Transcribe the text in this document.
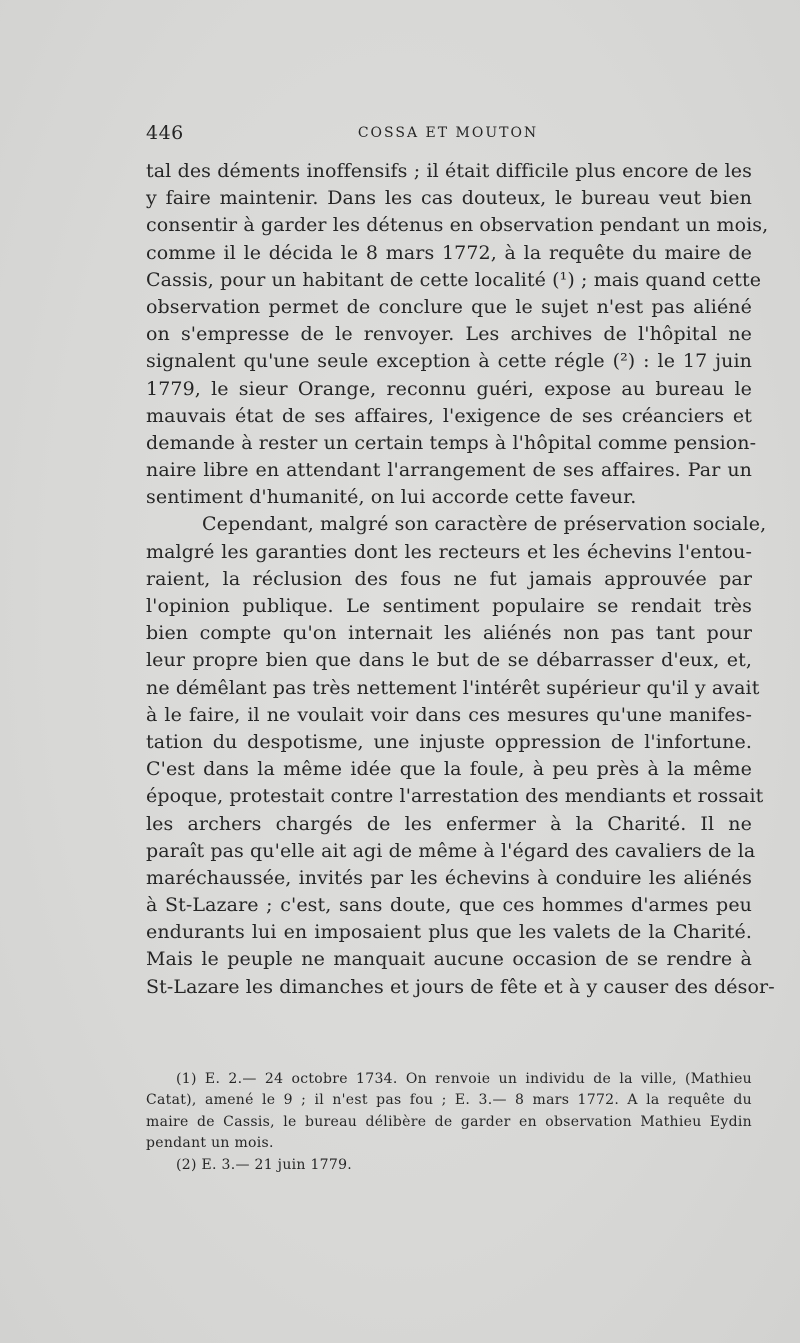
446	COSSA ET MOUTON
tal des déments inoffensifs ; il était difficile plus encore de les
y faire maintenir. Dans les cas douteux, le bureau veut bien
consentir à garder les détenus en observation pendant un mois,
comme il le décida le 8 mars 1772, à la requête du maire de
Cassis, pour un habitant de cette localité (¹) ; mais quand cette
observation permet de conclure que le sujet n'est pas aliéné
on s'empresse de le renvoyer. Les archives de l'hôpital ne
signalent qu'une seule exception à cette régle (²) : le 17 juin
1779, le sieur Orange, reconnu guéri, expose au bureau le
mauvais état de ses affaires, l'exigence de ses créanciers et
demande à rester un certain temps à l'hôpital comme pension-
naire libre en attendant l'arrangement de ses affaires. Par un
sentiment d'humanité, on lui accorde cette faveur.
Cependant, malgré son caractère de préservation sociale,
malgré les garanties dont les recteurs et les échevins l'entou-
raient, la réclusion des fous ne fut jamais approuvée par
l'opinion publique. Le sentiment populaire se rendait très
bien compte qu'on internait les aliénés non pas tant pour
leur propre bien que dans le but de se débarrasser d'eux, et,
ne démêlant pas très nettement l'intérêt supérieur qu'il y avait
à le faire, il ne voulait voir dans ces mesures qu'une manifes-
tation du despotisme, une injuste oppression de l'infortune.
C'est dans la même idée que la foule, à peu près à la même
époque, protestait contre l'arrestation des mendiants et rossait
les archers chargés de les enfermer à la Charité. Il ne
paraît pas qu'elle ait agi de même à l'égard des cavaliers de la
maréchaussée, invités par les échevins à conduire les aliénés
à St-Lazare ; c'est, sans doute, que ces hommes d'armes peu
endurants lui en imposaient plus que les valets de la Charité.
Mais le peuple ne manquait aucune occasion de se rendre à
St-Lazare les dimanches et jours de fête et à y causer des désor-
(1) E. 2.— 24 octobre 1734. On renvoie un individu de la ville, (Mathieu
Catat), amené le 9 ; il n'est pas fou ; E. 3.— 8 mars 1772. A la requête du
maire de Cassis, le bureau délibère de garder en observation Mathieu Eydin
pendant un mois.
(2) E. 3.— 21 juin 1779.
